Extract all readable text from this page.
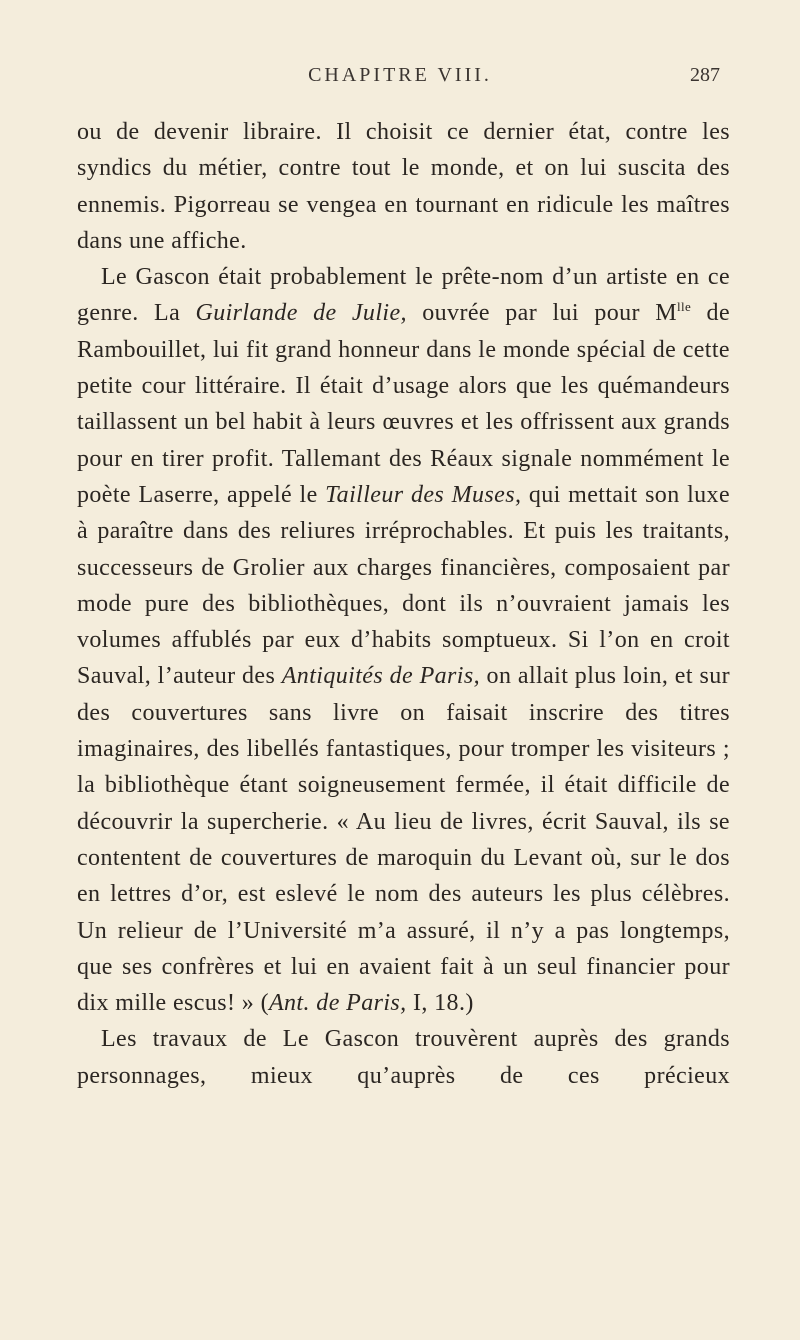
CHAPITRE VIII.	287

ou de devenir libraire. Il choisit ce dernier état, contre les syndics du métier, contre tout le monde, et on lui suscita des ennemis. Pigorreau se vengea en tournant en ridicule les maîtres dans une affiche.

Le Gascon était probablement le prête-nom d’un artiste en ce genre. La Guirlande de Julie, ouvrée par lui pour $M^{lle}$ de Rambouillet, lui fit grand honneur dans le monde spécial de cette petite cour littéraire. Il était d’usage alors que les quémandeurs taillassent un bel habit à leurs œuvres et les offrissent aux grands pour en tirer profit. Tallemant des Réaux signale nommément le poète Laserre, appelé le Tailleur des Muses, qui mettait son luxe à paraître dans des reliures irréprochables. Et puis les traitants, successeurs de Grolier aux charges financières, composaient par mode pure des bibliothèques, dont ils n’ouvraient jamais les volumes affublés par eux d’habits somptueux. Si l’on en croit Sauval, l’auteur des Antiquités de Paris, on allait plus loin, et sur des couvertures sans livre on faisait inscrire des titres imaginaires, des libellés fantastiques, pour tromper les visiteurs ; la bibliothèque étant soigneusement fermée, il était difficile de découvrir la supercherie. « Au lieu de livres, écrit Sauval, ils se contentent de couvertures de maroquin du Levant où, sur le dos en lettres d’or, est eslevé le nom des auteurs les plus célèbres. Un relieur de l’Université m’a assuré, il n’y a pas longtemps, que ses confrères et lui en avaient fait à un seul financier pour dix mille escus! » (Ant. de Paris, I, 18.)

Les travaux de Le Gascon trouvèrent auprès des grands personnages, mieux qu’auprès de ces précieux
